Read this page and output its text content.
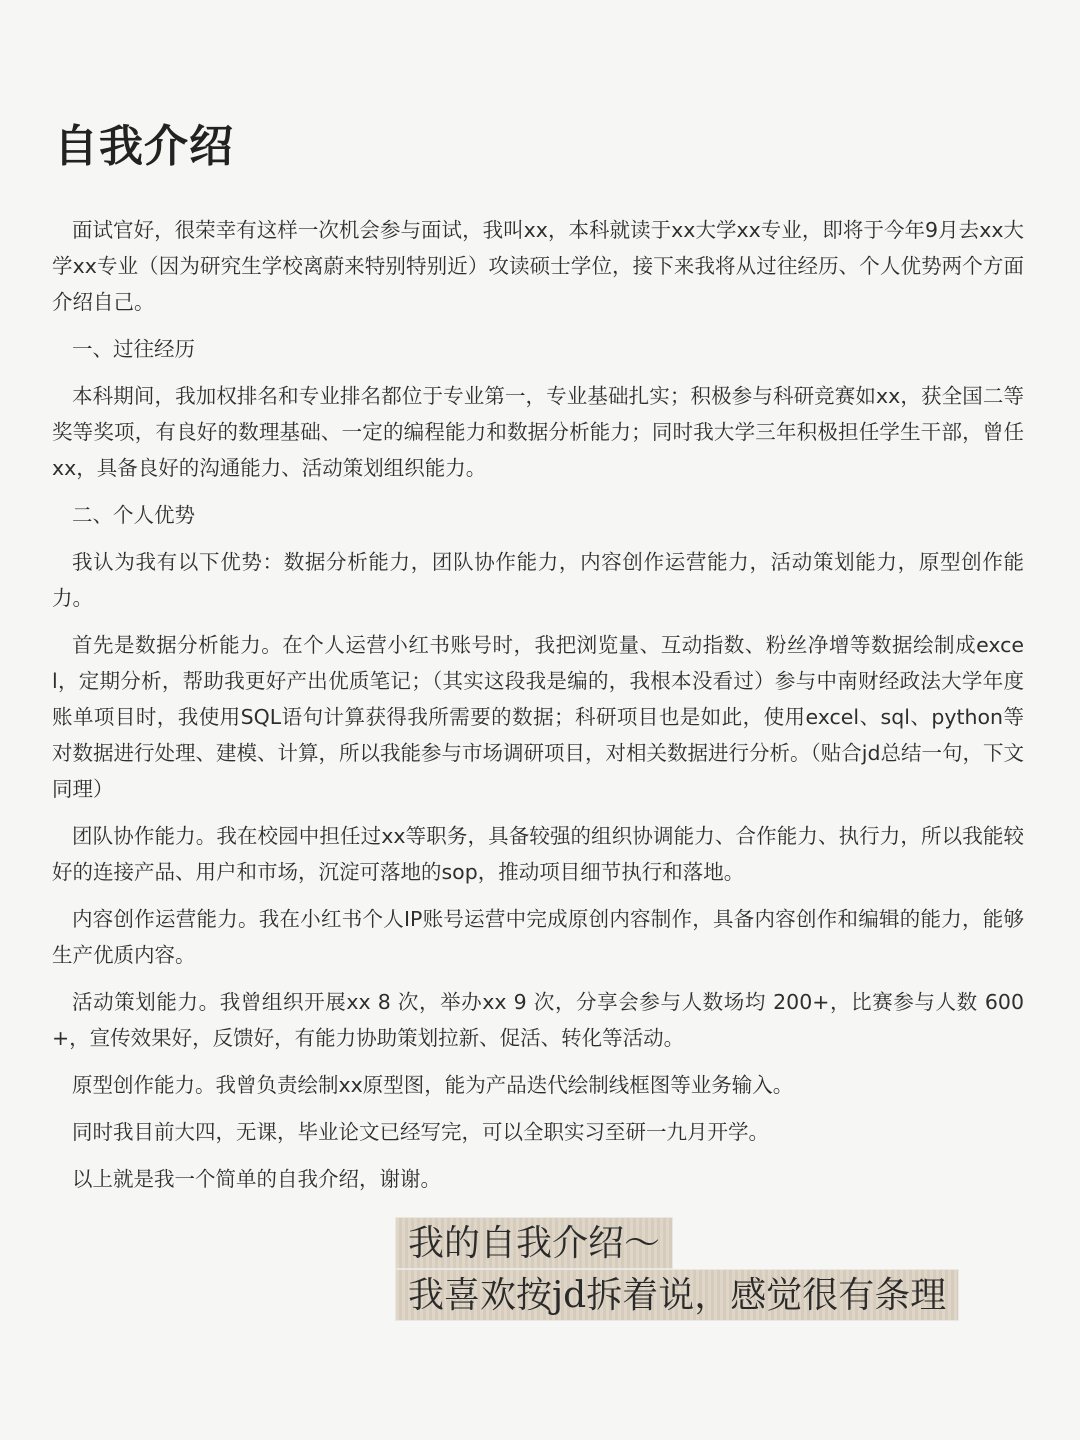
自我介绍

面试官好，很荣幸有这样一次机会参与面试，我叫xx，本科就读于xx大学xx专业，即将于今年9月去xx大学xx专业（因为研究生学校离蔚来特别特别近）攻读硕士学位，接下来我将从过往经历、个人优势两个方面介绍自己。

一、过往经历

本科期间，我加权排名和专业排名都位于专业第一，专业基础扎实；积极参与科研竞赛如xx，获全国二等奖等奖项，有良好的数理基础、一定的编程能力和数据分析能力；同时我大学三年积极担任学生干部，曾任xx，具备良好的沟通能力、活动策划组织能力。

二、个人优势

我认为我有以下优势：数据分析能力，团队协作能力，内容创作运营能力，活动策划能力，原型创作能力。

首先是数据分析能力。在个人运营小红书账号时，我把浏览量、互动指数、粉丝净增等数据绘制成excel，定期分析，帮助我更好产出优质笔记；（其实这段我是编的，我根本没看过）参与中南财经政法大学年度账单项目时，我使用SQL语句计算获得我所需要的数据；科研项目也是如此，使用excel、sql、python等对数据进行处理、建模、计算，所以我能参与市场调研项目，对相关数据进行分析。（贴合jd总结一句，下文同理）

团队协作能力。我在校园中担任过xx等职务，具备较强的组织协调能力、合作能力、执行力，所以我能较好的连接产品、用户和市场，沉淀可落地的sop，推动项目细节执行和落地。

内容创作运营能力。我在小红书个人IP账号运营中完成原创内容制作，具备内容创作和编辑的能力，能够生产优质内容。

活动策划能力。我曾组织开展xx 8 次，举办xx 9 次，分享会参与人数场均 200+，比赛参与人数 600+，宣传效果好，反馈好，有能力协助策划拉新、促活、转化等活动。

原型创作能力。我曾负责绘制xx原型图，能为产品迭代绘制线框图等业务输入。

同时我目前大四，无课，毕业论文已经写完，可以全职实习至研一九月开学。

以上就是我一个简单的自我介绍，谢谢。

我的自我介绍～
我喜欢按jd拆着说，感觉很有条理
